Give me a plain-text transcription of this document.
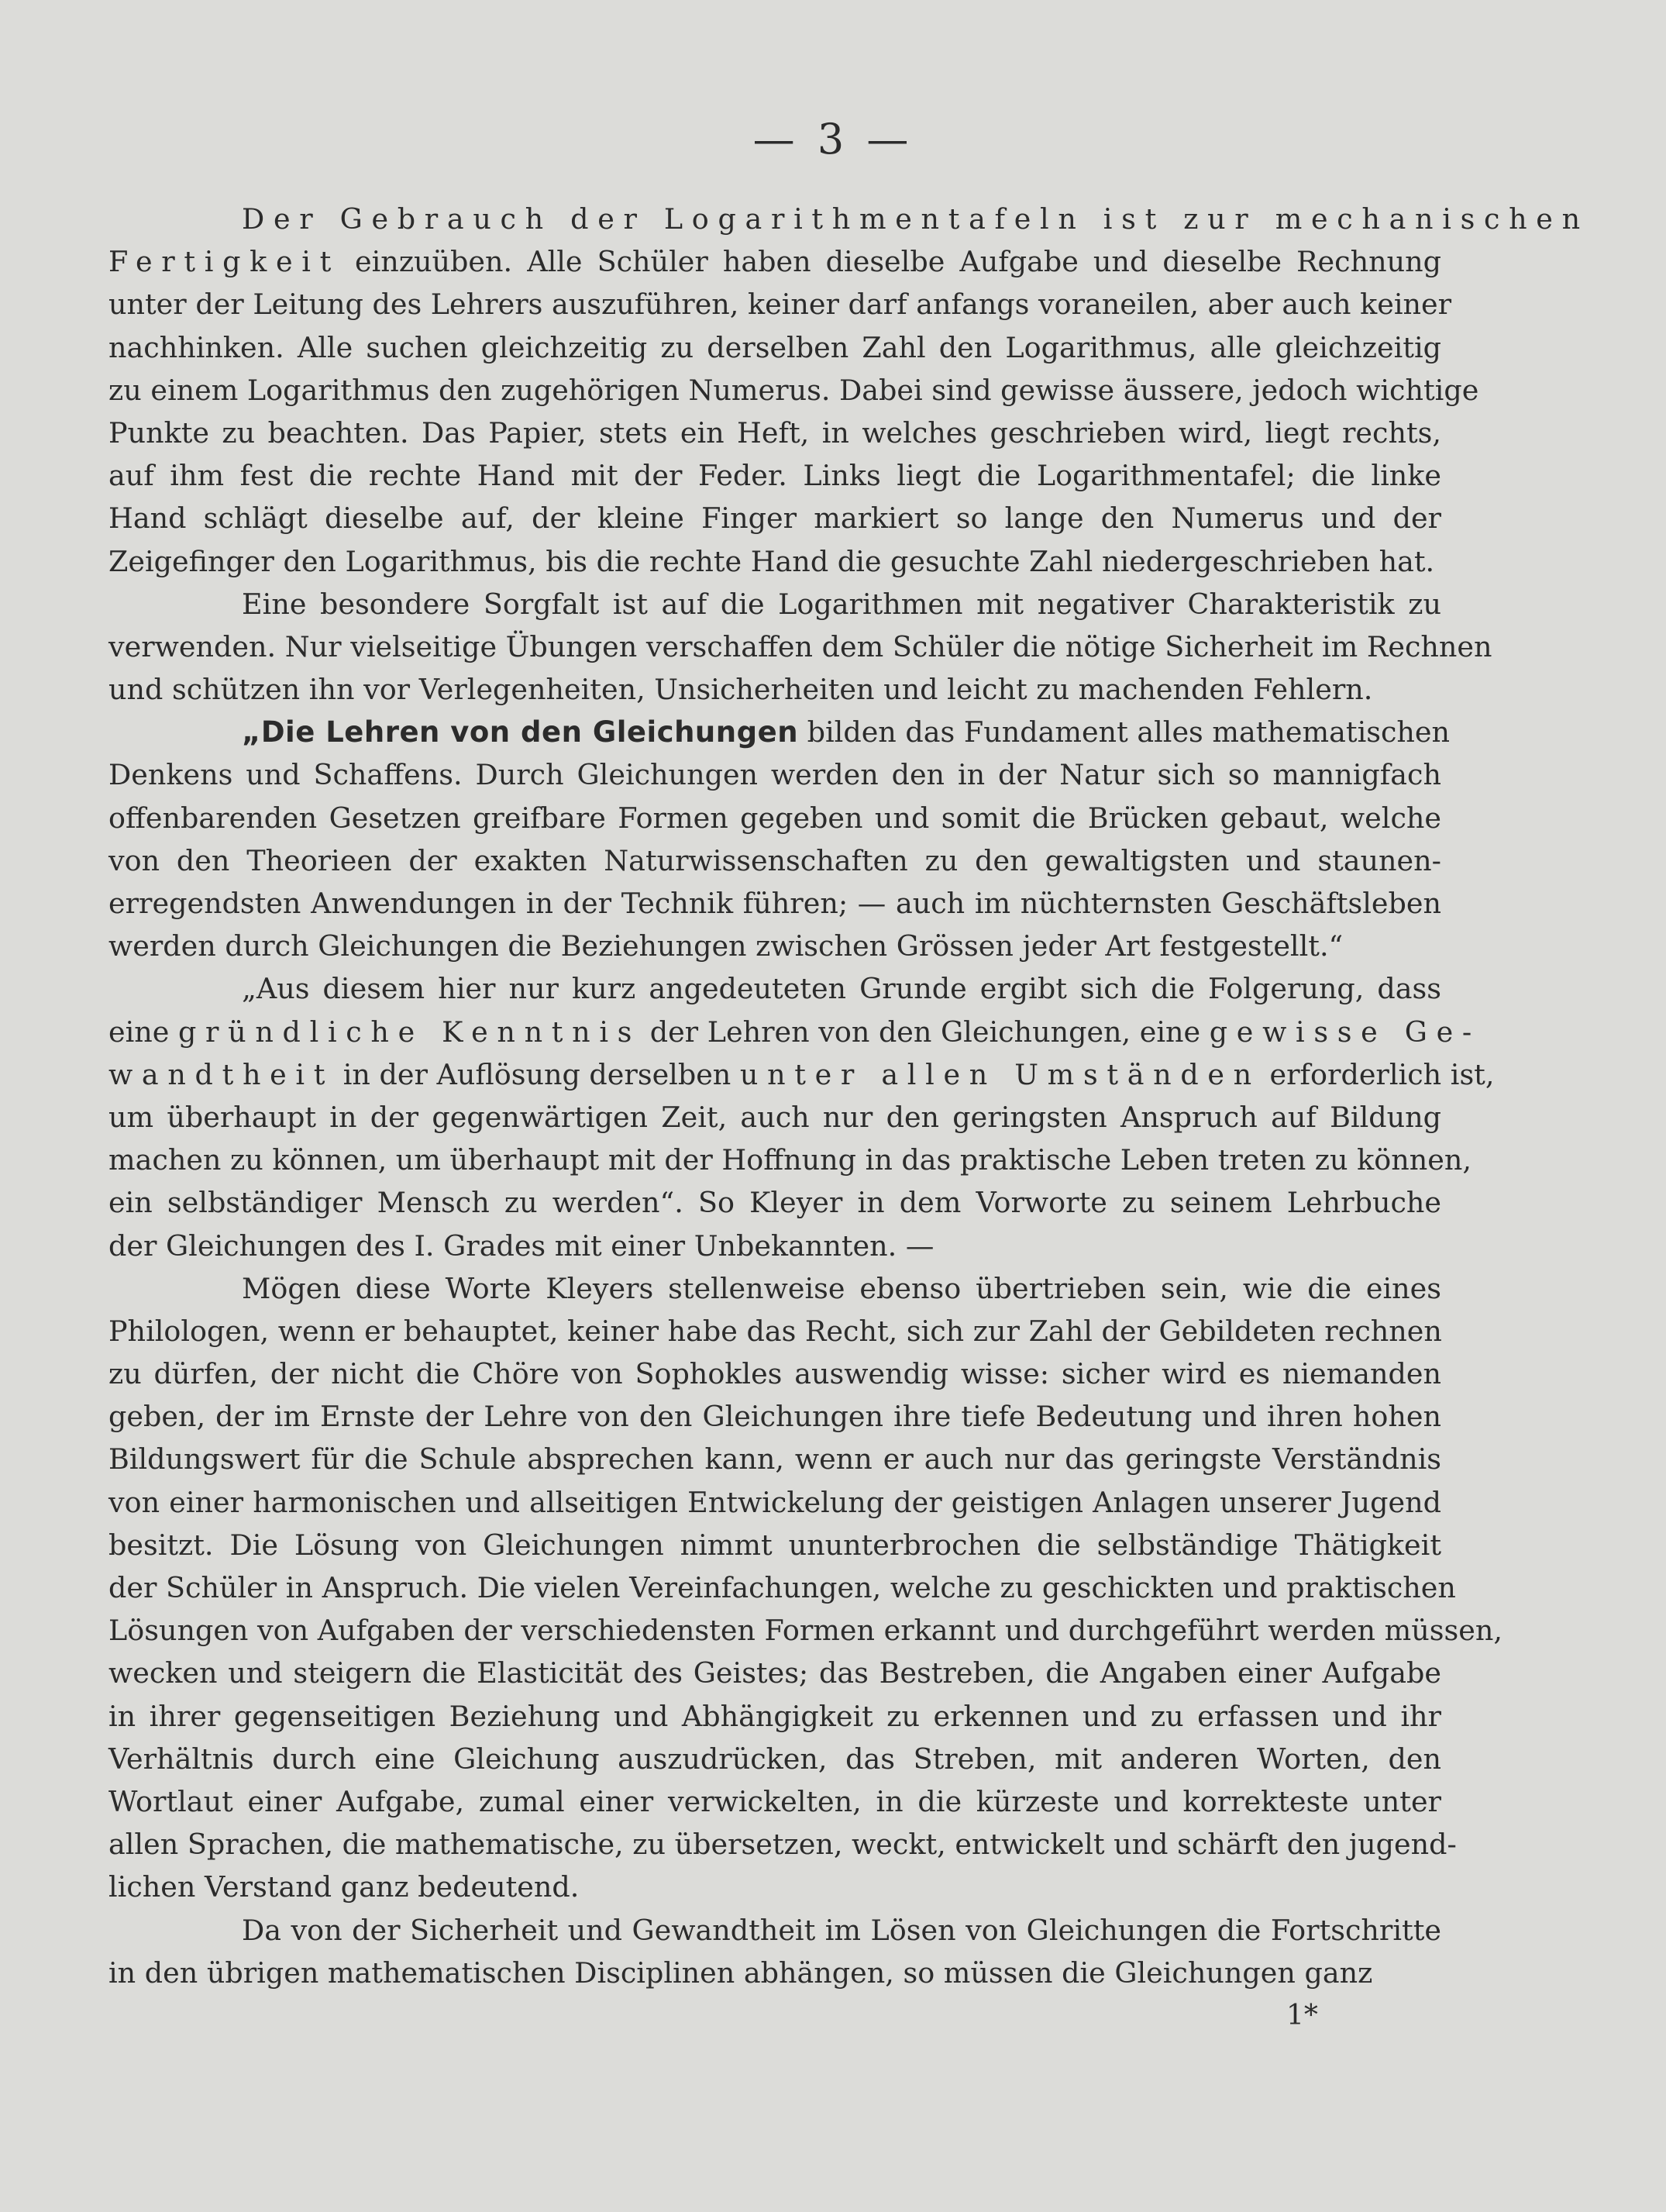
— 3 —
Der Gebrauch der Logarithmentafeln ist zur mechanischen
Fertigkeit einzuüben. Alle Schüler haben dieselbe Aufgabe und dieselbe Rechnung
unter der Leitung des Lehrers auszuführen, keiner darf anfangs voraneilen, aber auch keiner
nachhinken. Alle suchen gleichzeitig zu derselben Zahl den Logarithmus, alle gleichzeitig
zu einem Logarithmus den zugehörigen Numerus. Dabei sind gewisse äussere, jedoch wichtige
Punkte zu beachten. Das Papier, stets ein Heft, in welches geschrieben wird, liegt rechts,
auf ihm fest die rechte Hand mit der Feder. Links liegt die Logarithmentafel; die linke
Hand schlägt dieselbe auf, der kleine Finger markiert so lange den Numerus und der
Zeigefinger den Logarithmus, bis die rechte Hand die gesuchte Zahl niedergeschrieben hat.
Eine besondere Sorgfalt ist auf die Logarithmen mit negativer Charakteristik zu
verwenden. Nur vielseitige Übungen verschaffen dem Schüler die nötige Sicherheit im Rechnen
und schützen ihn vor Verlegenheiten, Unsicherheiten und leicht zu machenden Fehlern.
„Die Lehren von den Gleichungen bilden das Fundament alles mathematischen
Denkens und Schaffens. Durch Gleichungen werden den in der Natur sich so mannigfach
offenbarenden Gesetzen greifbare Formen gegeben und somit die Brücken gebaut, welche
von den Theorieen der exakten Naturwissenschaften zu den gewaltigsten und staunen-
erregendsten Anwendungen in der Technik führen; — auch im nüchternsten Geschäftsleben
werden durch Gleichungen die Beziehungen zwischen Grössen jeder Art festgestellt.“
„Aus diesem hier nur kurz angedeuteten Grunde ergibt sich die Folgerung, dass
eine gründliche Kenntnis der Lehren von den Gleichungen, eine gewisse Ge-
wandtheit in der Auflösung derselben unter allen Umständen erforderlich ist,
um überhaupt in der gegenwärtigen Zeit, auch nur den geringsten Anspruch auf Bildung
machen zu können, um überhaupt mit der Hoffnung in das praktische Leben treten zu können,
ein selbständiger Mensch zu werden“. So Kleyer in dem Vorworte zu seinem Lehrbuche
der Gleichungen des I. Grades mit einer Unbekannten. —
Mögen diese Worte Kleyers stellenweise ebenso übertrieben sein, wie die eines
Philologen, wenn er behauptet, keiner habe das Recht, sich zur Zahl der Gebildeten rechnen
zu dürfen, der nicht die Chöre von Sophokles auswendig wisse: sicher wird es niemanden
geben, der im Ernste der Lehre von den Gleichungen ihre tiefe Bedeutung und ihren hohen
Bildungswert für die Schule absprechen kann, wenn er auch nur das geringste Verständnis
von einer harmonischen und allseitigen Entwickelung der geistigen Anlagen unserer Jugend
besitzt. Die Lösung von Gleichungen nimmt ununterbrochen die selbständige Thätigkeit
der Schüler in Anspruch. Die vielen Vereinfachungen, welche zu geschickten und praktischen
Lösungen von Aufgaben der verschiedensten Formen erkannt und durchgeführt werden müssen,
wecken und steigern die Elasticität des Geistes; das Bestreben, die Angaben einer Aufgabe
in ihrer gegenseitigen Beziehung und Abhängigkeit zu erkennen und zu erfassen und ihr
Verhältnis durch eine Gleichung auszudrücken, das Streben, mit anderen Worten, den
Wortlaut einer Aufgabe, zumal einer verwickelten, in die kürzeste und korrekteste unter
allen Sprachen, die mathematische, zu übersetzen, weckt, entwickelt und schärft den jugend-
lichen Verstand ganz bedeutend.
Da von der Sicherheit und Gewandtheit im Lösen von Gleichungen die Fortschritte
in den übrigen mathematischen Disciplinen abhängen, so müssen die Gleichungen ganz
1*
